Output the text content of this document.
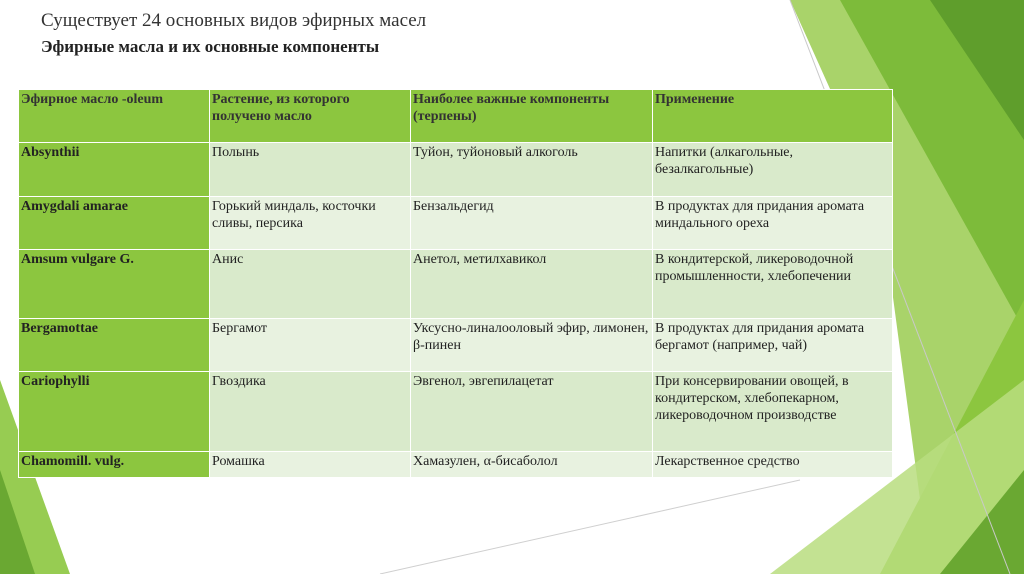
Существует 24 основных видов эфирных масел
Эфирные масла и их основные компоненты
Эфирное масло -oleum	Растение, из которого получено масло	Наиболее важные компоненты (терпены)	Применение
Absynthii	Полынь	Туйон, туйоновый алкоголь	Напитки (алкагольные, безалкагольные)
Amygdali amarae	Горький миндаль, косточки сливы, персика	Бензальдегид	В продуктах для придания аромата миндального ореха
Amsum vulgare G.	Анис	Анетол, метилхавикол	В кондитерской, ликероводочной промышленности, хлебопечении
Bergamottae	Бергамот	Уксусно-линалоoловый эфир, лимонен, β-пинен	В продуктах для придания аромата бергамот (например, чай)
Cariophylli	Гвоздика	Эвгенол, эвгепилацетат	При консервировании овощей, в кондитерском, хлебопекарном, ликероводочном производстве
Chamomill. vulg.	Ромашка	Хамазулен, α-бисаболол	Лекарственное средство
